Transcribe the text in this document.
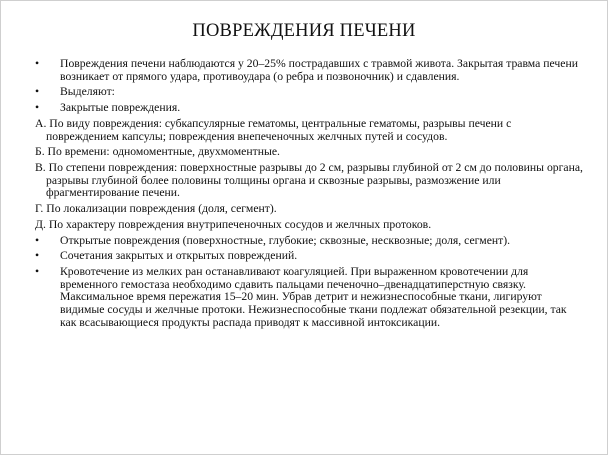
ПОВРЕЖДЕНИЯ ПЕЧЕНИ
•	Повреждения печени наблюдаются у 20–25% пострадавших с травмой живота. Закрытая травма печени возникает от прямого удара, противоудара (о ребра и позвоночник) и сдавления.
•	Выделяют:
•	Закрытые повреждения.
А. По виду повреждения: субкапсулярные гематомы, центральные гематомы, разрывы печени с повреждением капсулы; повреждения внепеченочных желчных путей и сосудов.
Б. По времени: одномоментные, двухмоментные.
В. По степени повреждения: поверхностные разрывы до 2 см, разрывы глубиной от 2 см до половины органа, разрывы глубиной более половины толщины органа и сквозные разрывы, размозжение или фрагментирование печени.
Г. По локализации повреждения (доля, сегмент).
Д. По характеру повреждения внутрипеченочных сосудов и желчных протоков.
•	Открытые повреждения (поверхностные, глубокие; сквозные, несквозные; доля, сегмент).
•	Сочетания закрытых и открытых повреждений.
•	Кровотечение из мелких ран останавливают коагуляцией. При выраженном кровотечении для временного гемостаза необходимо сдавить пальцами печеночно–двенадцатиперстную связку. Максимальное время пережатия 15–20 мин. Убрав детрит и нежизнеспособные ткани, лигируют видимые сосуды и желчные протоки. Нежизнеспособные ткани подлежат обязательной резекции, так как всасывающиеся продукты распада приводят к массивной интоксикации.
